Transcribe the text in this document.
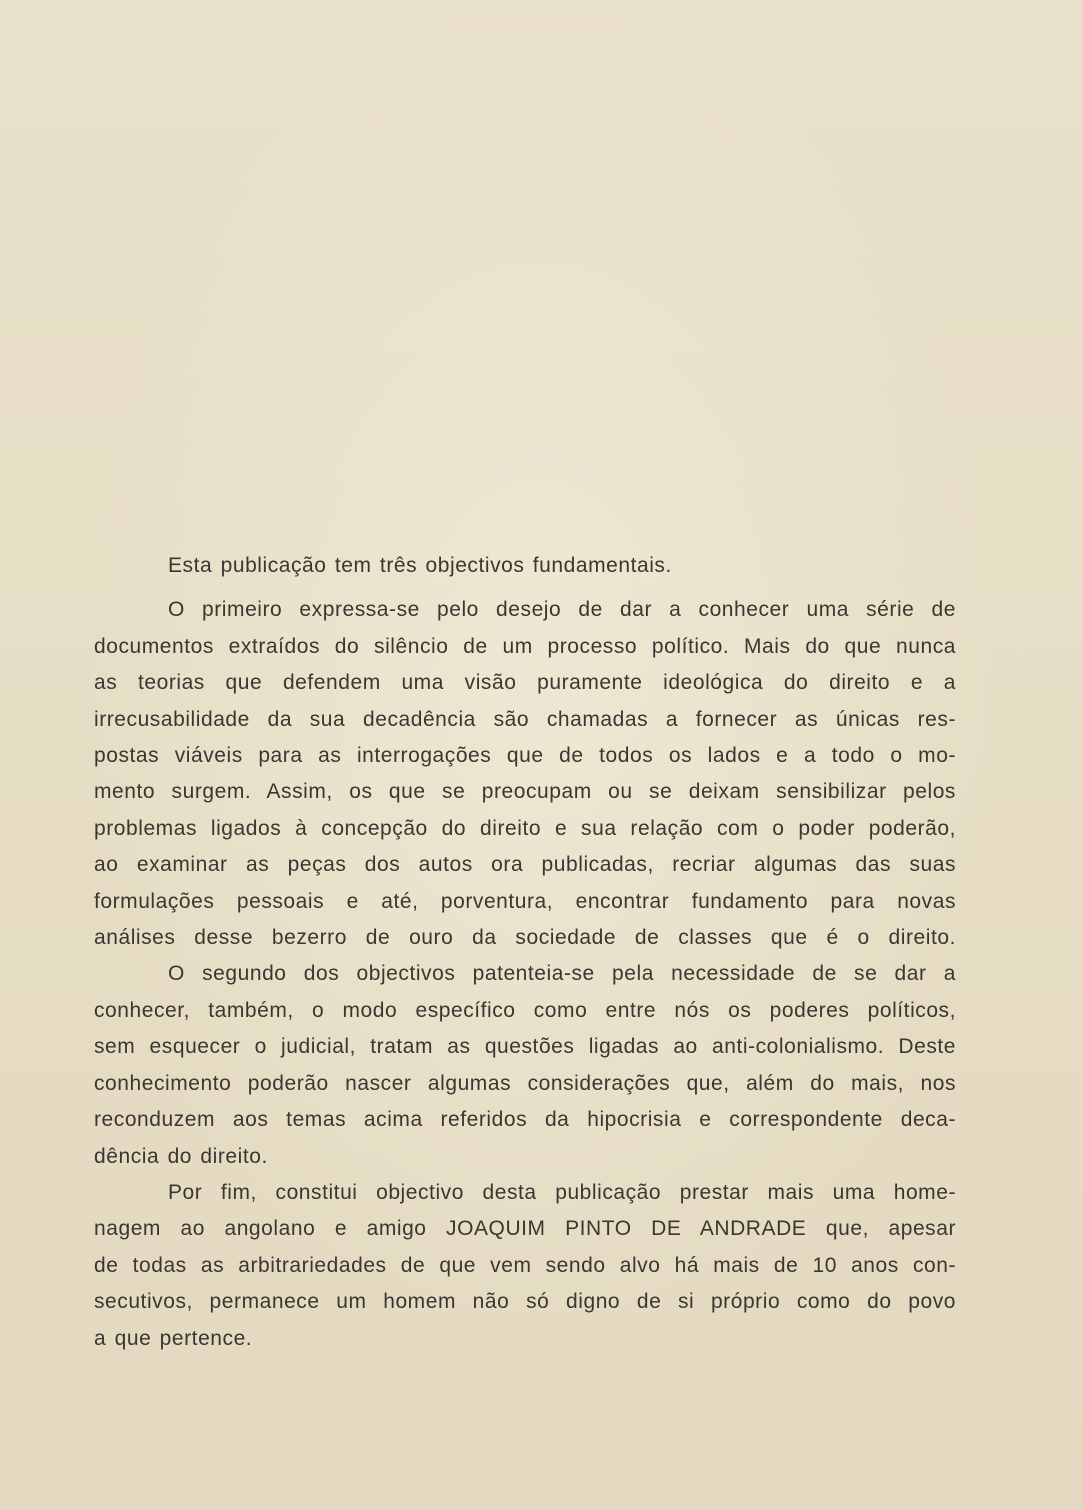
Esta publicação tem três objectivos fundamentais.
O primeiro expressa-se pelo desejo de dar a conhecer uma série de
documentos extraídos do silêncio de um processo político. Mais do que nunca
as teorias que defendem uma visão puramente ideológica do direito e a
irrecusabilidade da sua decadência são chamadas a fornecer as únicas res-
postas viáveis para as interrogações que de todos os lados e a todo o mo-
mento surgem. Assim, os que se preocupam ou se deixam sensibilizar pelos
problemas ligados à concepção do direito e sua relação com o poder poderão,
ao examinar as peças dos autos ora publicadas, recriar algumas das suas
formulações pessoais e até, porventura, encontrar fundamento para novas
análises desse bezerro de ouro da sociedade de classes que é o direito.
O segundo dos objectivos patenteia-se pela necessidade de se dar a
conhecer, também, o modo específico como entre nós os poderes políticos,
sem esquecer o judicial, tratam as questões ligadas ao anti-colonialismo. Deste
conhecimento poderão nascer algumas considerações que, além do mais, nos
reconduzem aos temas acima referidos da hipocrisia e correspondente deca-
dência do direito.
Por fim, constitui objectivo desta publicação prestar mais uma home-
nagem ao angolano e amigo JOAQUIM PINTO DE ANDRADE que, apesar
de todas as arbitrariedades de que vem sendo alvo há mais de 10 anos con-
secutivos, permanece um homem não só digno de si próprio como do povo
a que pertence.
